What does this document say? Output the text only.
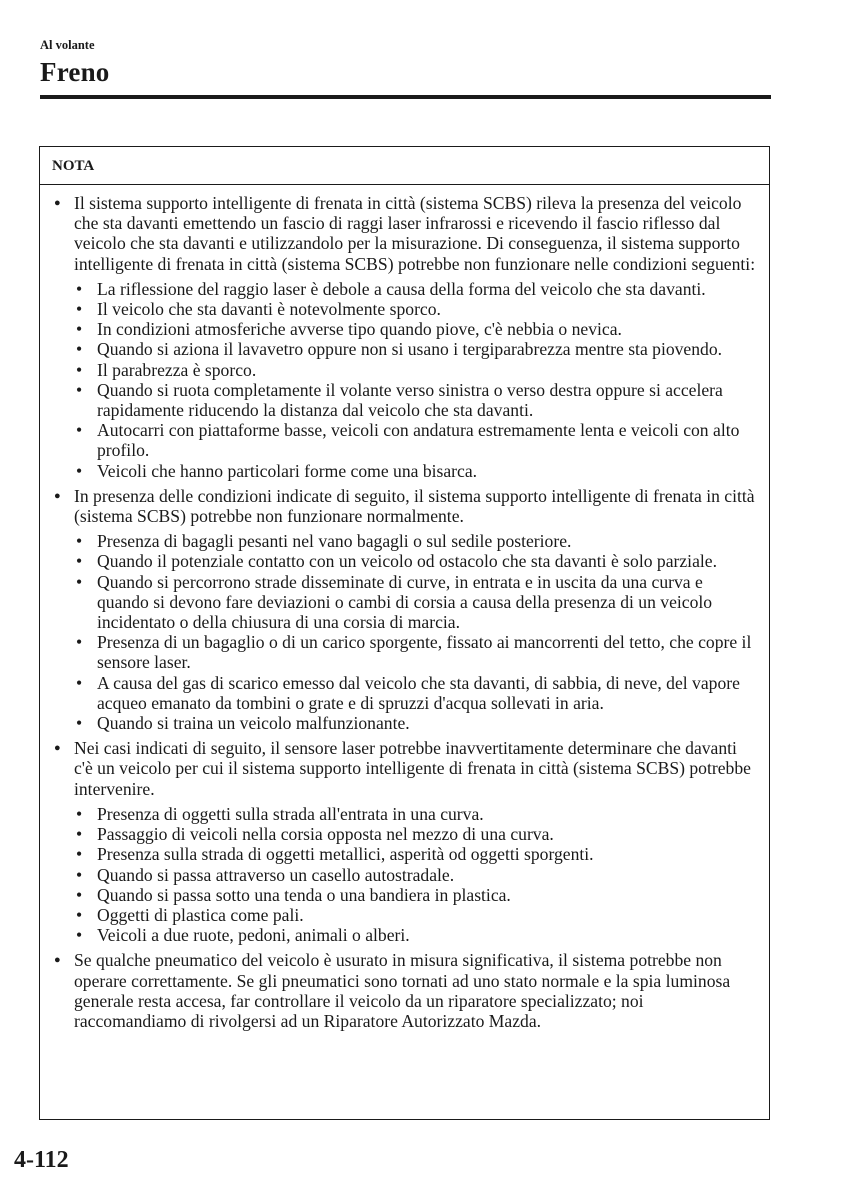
Al volante
Freno
NOTA
● Il sistema supporto intelligente di frenata in città (sistema SCBS) rileva la presenza del veicolo che sta davanti emettendo un fascio di raggi laser infrarossi e ricevendo il fascio riflesso dal veicolo che sta davanti e utilizzandolo per la misurazione. Di conseguenza, il sistema supporto intelligente di frenata in città (sistema SCBS) potrebbe non funzionare nelle condizioni seguenti:
• La riflessione del raggio laser è debole a causa della forma del veicolo che sta davanti.
• Il veicolo che sta davanti è notevolmente sporco.
• In condizioni atmosferiche avverse tipo quando piove, c'è nebbia o nevica.
• Quando si aziona il lavavetro oppure non si usano i tergiparabrezza mentre sta piovendo.
• Il parabrezza è sporco.
• Quando si ruota completamente il volante verso sinistra o verso destra oppure si accelera rapidamente riducendo la distanza dal veicolo che sta davanti.
• Autocarri con piattaforme basse, veicoli con andatura estremamente lenta e veicoli con alto profilo.
• Veicoli che hanno particolari forme come una bisarca.
● In presenza delle condizioni indicate di seguito, il sistema supporto intelligente di frenata in città (sistema SCBS) potrebbe non funzionare normalmente.
• Presenza di bagagli pesanti nel vano bagagli o sul sedile posteriore.
• Quando il potenziale contatto con un veicolo od ostacolo che sta davanti è solo parziale.
• Quando si percorrono strade disseminate di curve, in entrata e in uscita da una curva e quando si devono fare deviazioni o cambi di corsia a causa della presenza di un veicolo incidentato o della chiusura di una corsia di marcia.
• Presenza di un bagaglio o di un carico sporgente, fissato ai mancorrenti del tetto, che copre il sensore laser.
• A causa del gas di scarico emesso dal veicolo che sta davanti, di sabbia, di neve, del vapore acqueo emanato da tombini o grate e di spruzzi d'acqua sollevati in aria.
• Quando si traina un veicolo malfunzionante.
● Nei casi indicati di seguito, il sensore laser potrebbe inavvertitamente determinare che davanti c'è un veicolo per cui il sistema supporto intelligente di frenata in città (sistema SCBS) potrebbe intervenire.
• Presenza di oggetti sulla strada all'entrata in una curva.
• Passaggio di veicoli nella corsia opposta nel mezzo di una curva.
• Presenza sulla strada di oggetti metallici, asperità od oggetti sporgenti.
• Quando si passa attraverso un casello autostradale.
• Quando si passa sotto una tenda o una bandiera in plastica.
• Oggetti di plastica come pali.
• Veicoli a due ruote, pedoni, animali o alberi.
● Se qualche pneumatico del veicolo è usurato in misura significativa, il sistema potrebbe non operare correttamente. Se gli pneumatici sono tornati ad uno stato normale e la spia luminosa generale resta accesa, far controllare il veicolo da un riparatore specializzato; noi raccomandiamo di rivolgersi ad un Riparatore Autorizzato Mazda.
4-112
